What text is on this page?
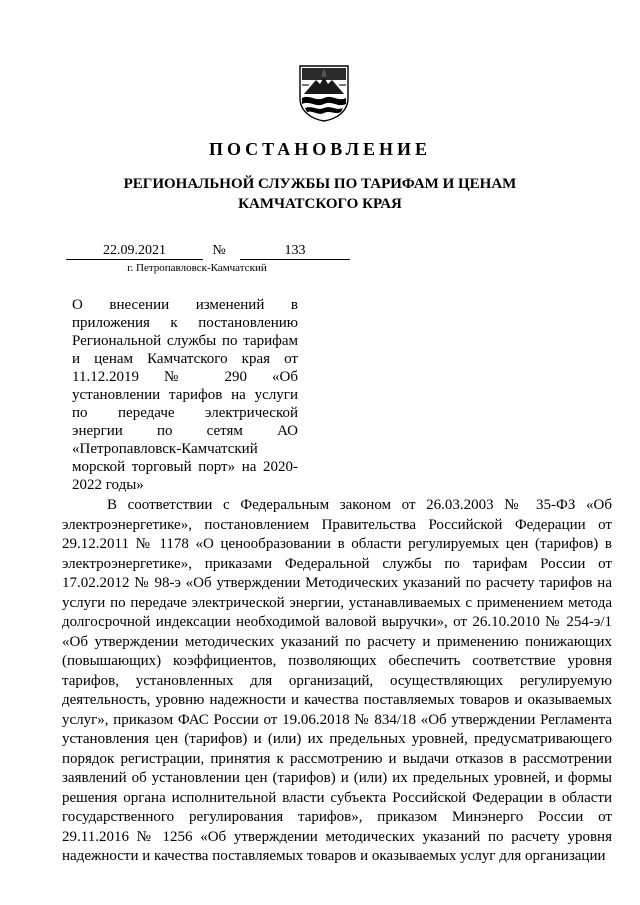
ПОСТАНОВЛЕНИЕ
РЕГИОНАЛЬНОЙ СЛУЖБЫ ПО ТАРИФАМ И ЦЕНАМ
КАМЧАТСКОГО КРАЯ
22.09.2021	№	133
г. Петропавловск-Камчатский
О внесении изменений в приложения к постановлению Региональной службы по тарифам и ценам Камчатского края от 11.12.2019 № 290 «Об установлении тарифов на услуги по передаче электрической энергии по сетям АО «Петропавловск-Камчатский морской торговый порт» на 2020-2022 годы»
В соответствии с Федеральным законом от 26.03.2003 № 35-ФЗ «Об электроэнергетике», постановлением Правительства Российской Федерации от 29.12.2011 № 1178 «О ценообразовании в области регулируемых цен (тарифов) в электроэнергетике», приказами Федеральной службы по тарифам России от 17.02.2012 № 98-э «Об утверждении Методических указаний по расчету тарифов на услуги по передаче электрической энергии, устанавливаемых с применением метода долгосрочной индексации необходимой валовой выручки», от 26.10.2010 № 254-э/1 «Об утверждении методических указаний по расчету и применению понижающих (повышающих) коэффициентов, позволяющих обеспечить соответствие уровня тарифов, установленных для организаций, осуществляющих регулируемую деятельность, уровню надежности и качества поставляемых товаров и оказываемых услуг», приказом ФАС России от 19.06.2018 № 834/18 «Об утверждении Регламента установления цен (тарифов) и (или) их предельных уровней, предусматривающего порядок регистрации, принятия к рассмотрению и выдачи отказов в рассмотрении заявлений об установлении цен (тарифов) и (или) их предельных уровней, и формы решения органа исполнительной власти субъекта Российской Федерации в области государственного регулирования тарифов», приказом Минэнерго России от 29.11.2016 № 1256 «Об утверждении методических указаний по расчету уровня надежности и качества поставляемых товаров и оказываемых услуг для организации
